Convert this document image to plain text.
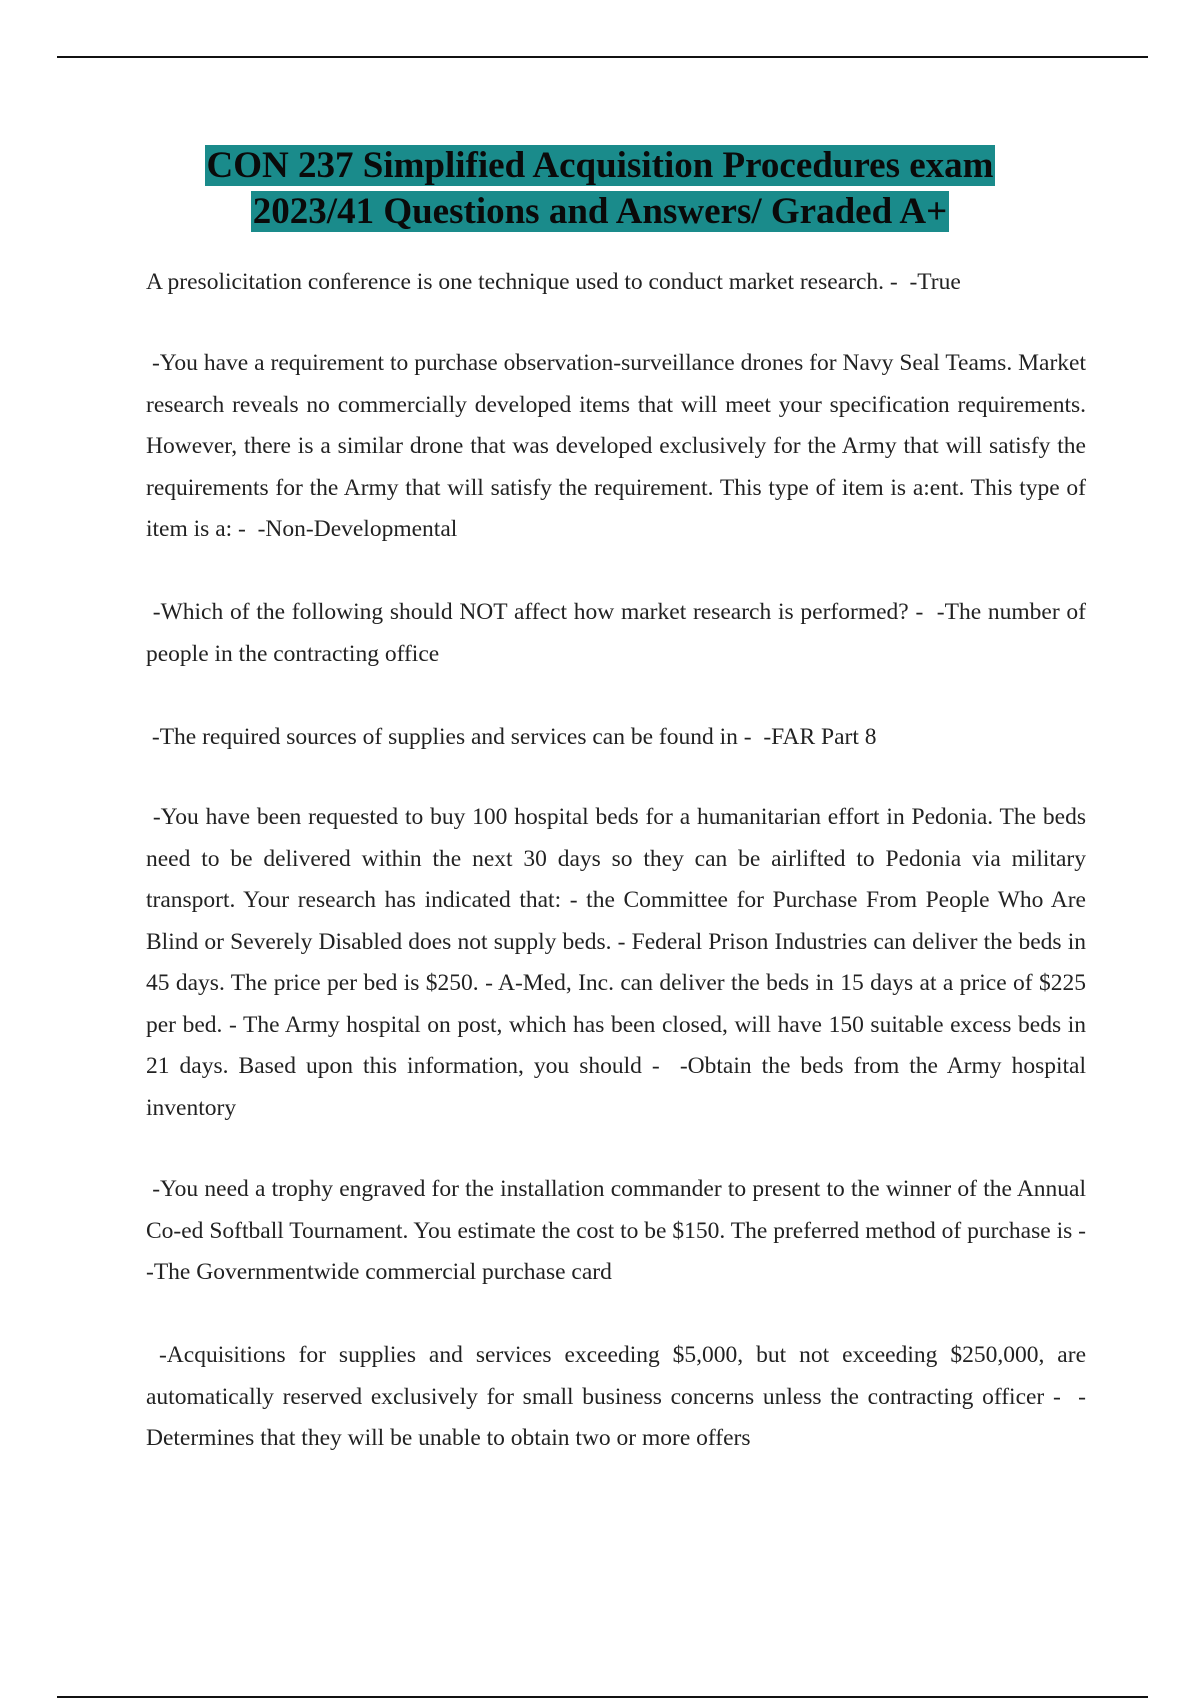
CON 237 Simplified Acquisition Procedures exam
2023/41 Questions and Answers/ Graded A+

A presolicitation conference is one technique used to conduct market research. -  -True

-You have a requirement to purchase observation-surveillance drones for Navy Seal Teams. Market research reveals no commercially developed items that will meet your specification requirements. However, there is a similar drone that was developed exclusively for the Army that will satisfy the requirements for the Army that will satisfy the requirement. This type of item is a:ent. This type of item is a: -  -Non-Developmental

-Which of the following should NOT affect how market research is performed? -  -The number of people in the contracting office

-The required sources of supplies and services can be found in -  -FAR Part 8

-You have been requested to buy 100 hospital beds for a humanitarian effort in Pedonia. The beds need to be delivered within the next 30 days so they can be airlifted to Pedonia via military transport. Your research has indicated that: - the Committee for Purchase From People Who Are Blind or Severely Disabled does not supply beds. - Federal Prison Industries can deliver the beds in 45 days. The price per bed is $250. - A-Med, Inc. can deliver the beds in 15 days at a price of $225 per bed. - The Army hospital on post, which has been closed, will have 150 suitable excess beds in 21 days. Based upon this information, you should -  -Obtain the beds from the Army hospital inventory

-You need a trophy engraved for the installation commander to present to the winner of the Annual Co-ed Softball Tournament. You estimate the cost to be $150. The preferred method of purchase is -  -The Governmentwide commercial purchase card

-Acquisitions for supplies and services exceeding $5,000, but not exceeding $250,000, are automatically reserved exclusively for small business concerns unless the contracting officer -  -Determines that they will be unable to obtain two or more offers
